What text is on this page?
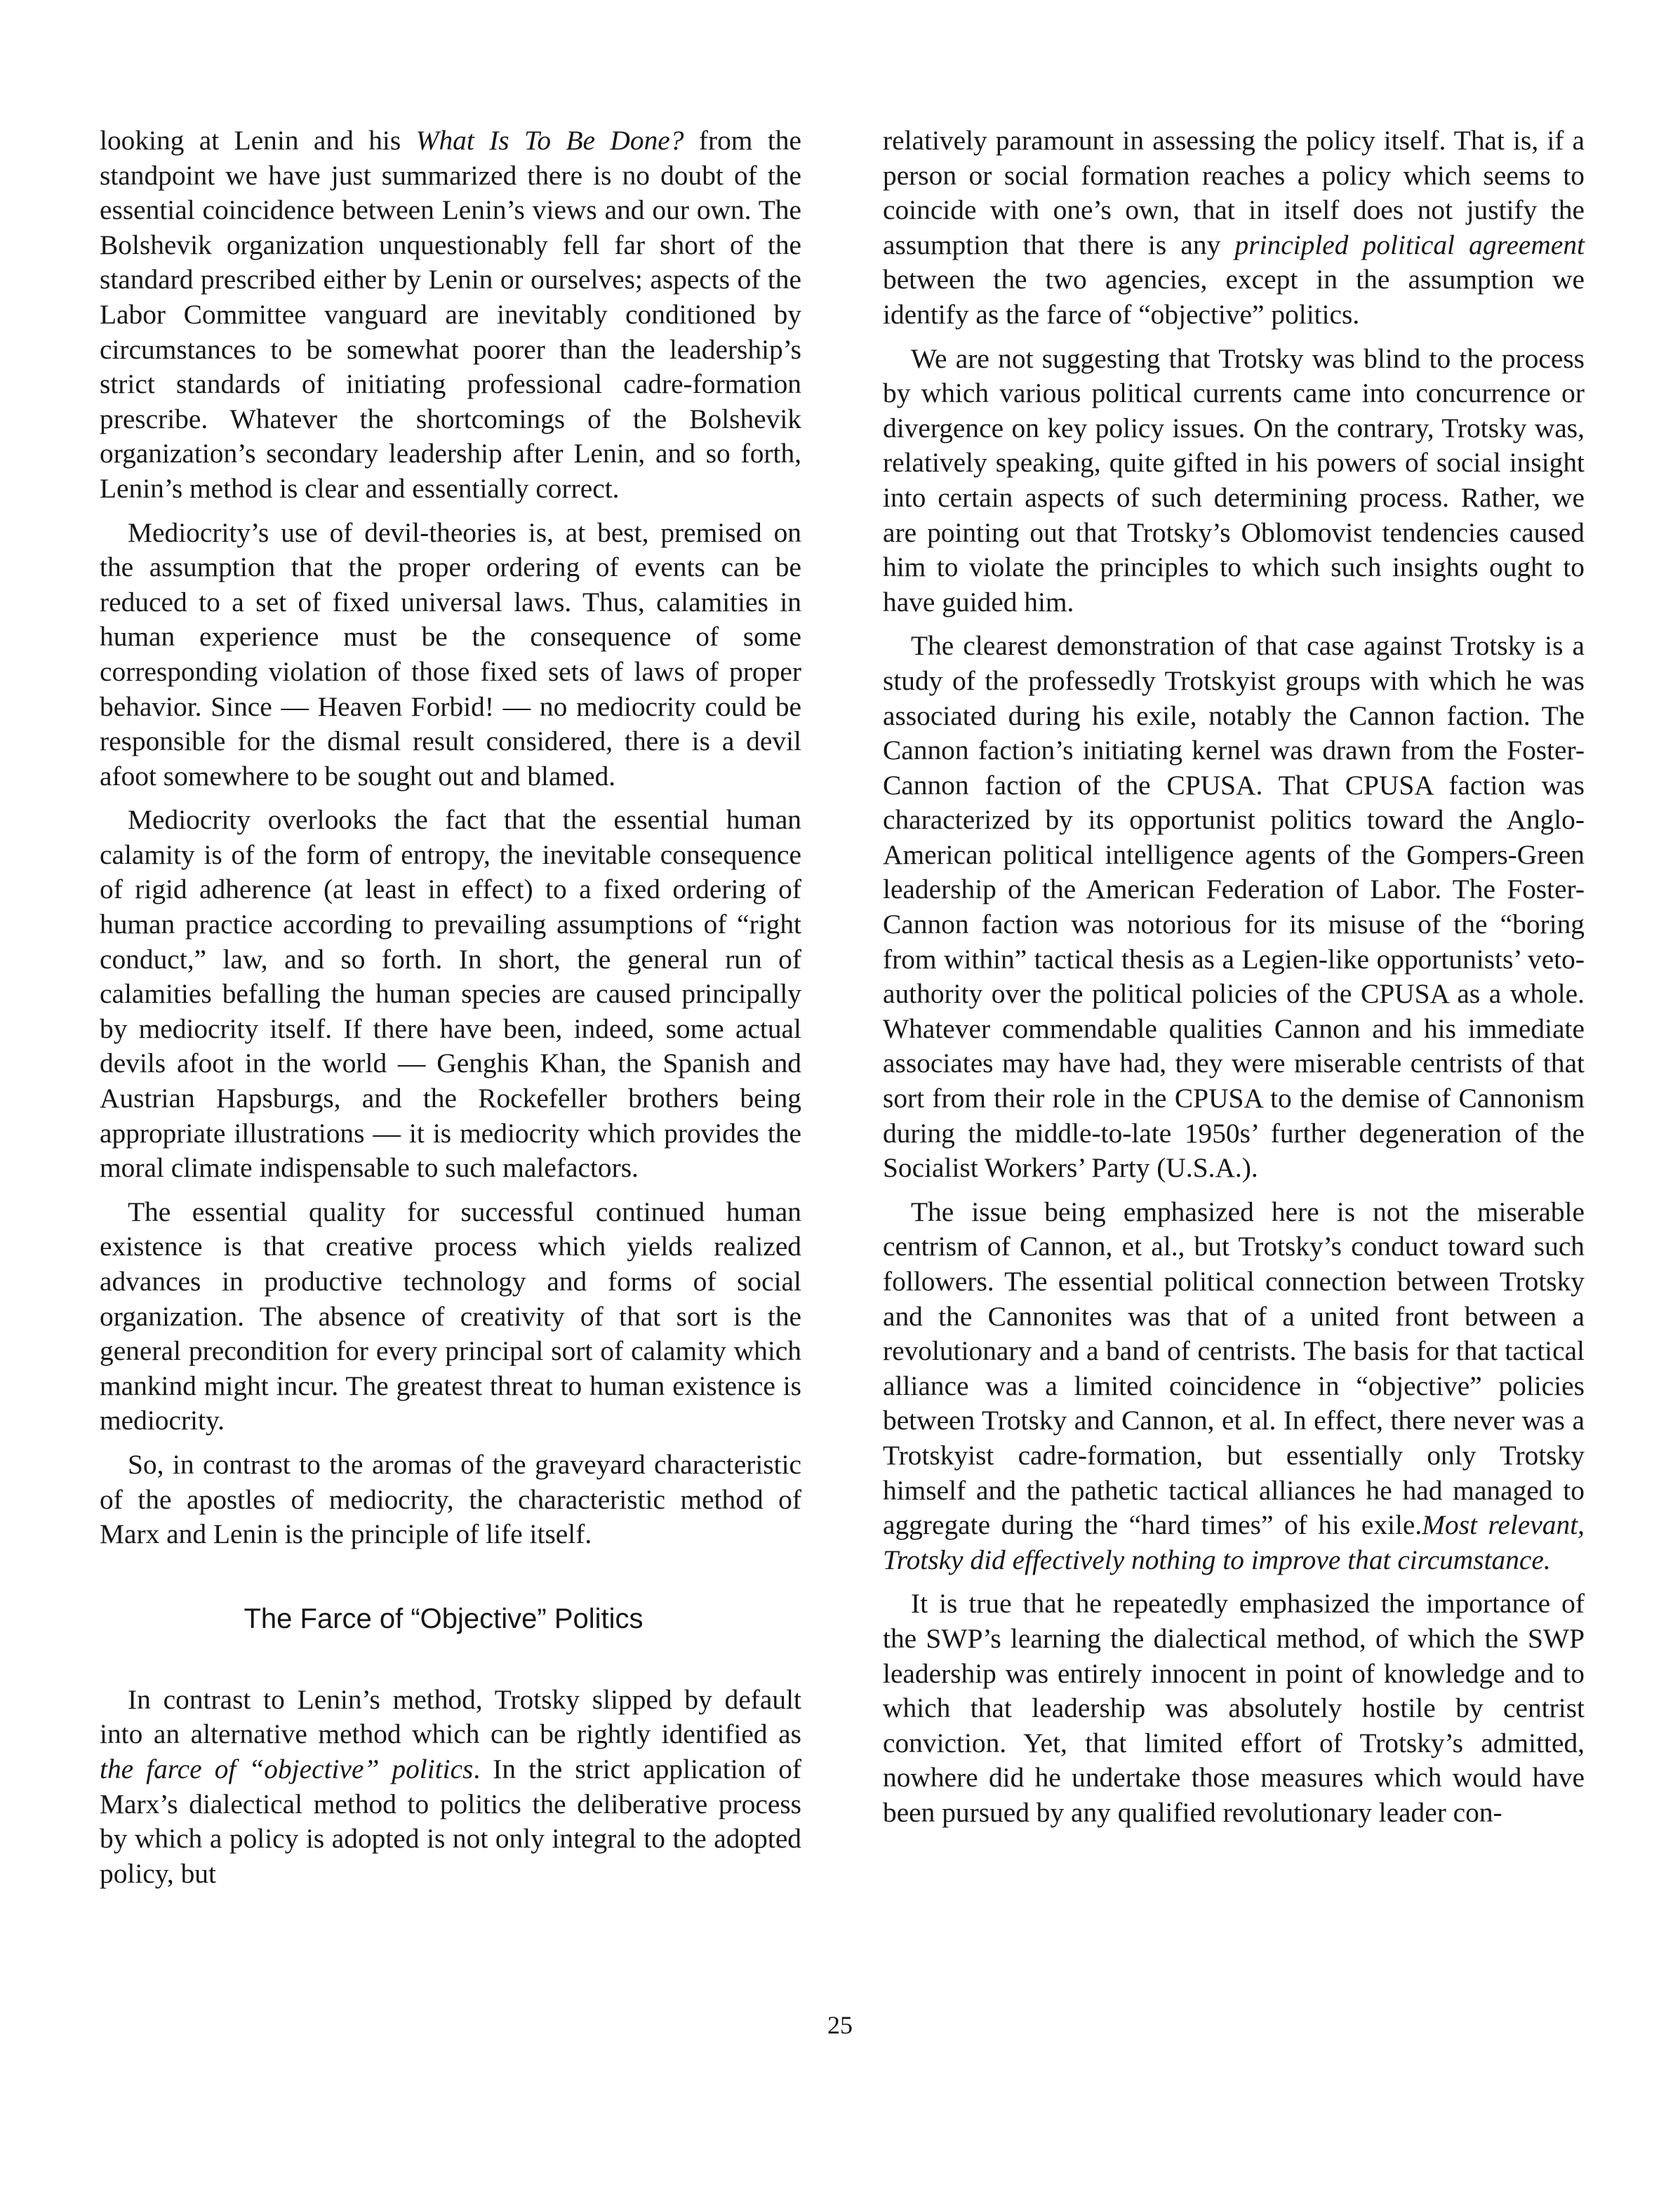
looking at Lenin and his What Is To Be Done? from the standpoint we have just summarized there is no doubt of the essential coincidence between Lenin’s views and our own. The Bolshevik organization unquestionably fell far short of the standard prescribed either by Lenin or ourselves; aspects of the Labor Committee vanguard are inevitably conditioned by circumstances to be somewhat poorer than the leadership’s strict standards of initiating professional cadre-formation prescribe. Whatever the shortcomings of the Bolshevik organization’s secondary leadership after Lenin, and so forth, Lenin’s method is clear and essentially correct.

Mediocrity’s use of devil-theories is, at best, premised on the assumption that the proper ordering of events can be reduced to a set of fixed universal laws. Thus, calamities in human experience must be the consequence of some corresponding violation of those fixed sets of laws of proper behavior. Since — Heaven Forbid! — no mediocrity could be responsible for the dismal result considered, there is a devil afoot somewhere to be sought out and blamed.

Mediocrity overlooks the fact that the essential human calamity is of the form of entropy, the inevitable consequence of rigid adherence (at least in effect) to a fixed ordering of human practice according to prevailing assumptions of “right conduct,” law, and so forth. In short, the general run of calamities befalling the human species are caused principally by mediocrity itself. If there have been, indeed, some actual devils afoot in the world — Genghis Khan, the Spanish and Austrian Hapsburgs, and the Rockefeller brothers being appropriate illustrations — it is mediocrity which provides the moral climate indispensable to such malefactors.

The essential quality for successful continued human existence is that creative process which yields realized advances in productive technology and forms of social organization. The absence of creativity of that sort is the general precondition for every principal sort of calamity which mankind might incur. The greatest threat to human existence is mediocrity.

So, in contrast to the aromas of the graveyard characteristic of the apostles of mediocrity, the characteristic method of Marx and Lenin is the principle of life itself.

The Farce of “Objective” Politics

In contrast to Lenin’s method, Trotsky slipped by default into an alternative method which can be rightly identified as the farce of “objective” politics. In the strict application of Marx’s dialectical method to politics the deliberative process by which a policy is adopted is not only integral to the adopted policy, but

relatively paramount in assessing the policy itself. That is, if a person or social formation reaches a policy which seems to coincide with one’s own, that in itself does not justify the assumption that there is any principled political agreement between the two agencies, except in the assumption we identify as the farce of “objective” politics.

We are not suggesting that Trotsky was blind to the process by which various political currents came into concurrence or divergence on key policy issues. On the contrary, Trotsky was, relatively speaking, quite gifted in his powers of social insight into certain aspects of such determining process. Rather, we are pointing out that Trotsky’s Oblomovist tendencies caused him to violate the principles to which such insights ought to have guided him.

The clearest demonstration of that case against Trotsky is a study of the professedly Trotskyist groups with which he was associated during his exile, notably the Cannon faction. The Cannon faction’s initiating kernel was drawn from the Foster-Cannon faction of the CPUSA. That CPUSA faction was characterized by its opportunist politics toward the Anglo-American political intelligence agents of the Gompers-Green leadership of the American Federation of Labor. The Foster-Cannon faction was notorious for its misuse of the “boring from within” tactical thesis as a Legien-like opportunists’ veto-authority over the political policies of the CPUSA as a whole. Whatever commendable qualities Cannon and his immediate associates may have had, they were miserable centrists of that sort from their role in the CPUSA to the demise of Cannonism during the middle-to-late 1950s’ further degeneration of the Socialist Workers’ Party (U.S.A.).

The issue being emphasized here is not the miserable centrism of Cannon, et al., but Trotsky’s conduct toward such followers. The essential political connection between Trotsky and the Cannonites was that of a united front between a revolutionary and a band of centrists. The basis for that tactical alliance was a limited coincidence in “objective” policies between Trotsky and Cannon, et al. In effect, there never was a Trotskyist cadre-formation, but essentially only Trotsky himself and the pathetic tactical alliances he had managed to aggregate during the “hard times” of his exile.Most relevant, Trotsky did effectively nothing to improve that circumstance.

It is true that he repeatedly emphasized the importance of the SWP’s learning the dialectical method, of which the SWP leadership was entirely innocent in point of knowledge and to which that leadership was absolutely hostile by centrist conviction. Yet, that limited effort of Trotsky’s admitted, nowhere did he undertake those measures which would have been pursued by any qualified revolutionary leader con-

25
